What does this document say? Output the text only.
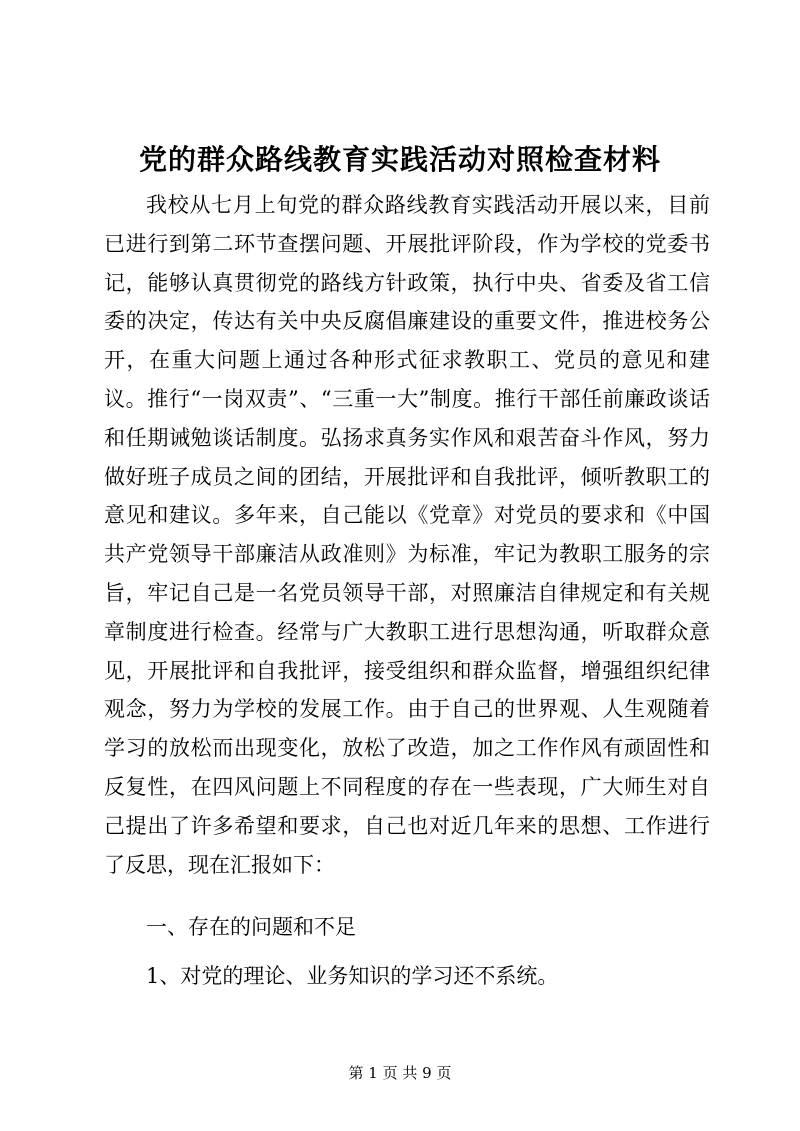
党的群众路线教育实践活动对照检查材料

我校从七月上旬党的群众路线教育实践活动开展以来，目前已进行到第二环节查摆问题、开展批评阶段，作为学校的党委书记，能够认真贯彻党的路线方针政策，执行中央、省委及省工信委的决定，传达有关中央反腐倡廉建设的重要文件，推进校务公开，在重大问题上通过各种形式征求教职工、党员的意见和建议。推行“一岗双责”、“三重一大”制度。推行干部任前廉政谈话和任期诫勉谈话制度。弘扬求真务实作风和艰苦奋斗作风，努力做好班子成员之间的团结，开展批评和自我批评，倾听教职工的意见和建议。多年来，自己能以《党章》对党员的要求和《中国共产党领导干部廉洁从政准则》为标准，牢记为教职工服务的宗旨，牢记自己是一名党员领导干部，对照廉洁自律规定和有关规章制度进行检查。经常与广大教职工进行思想沟通，听取群众意见，开展批评和自我批评，接受组织和群众监督，增强组织纪律观念，努力为学校的发展工作。由于自己的世界观、人生观随着学习的放松而出现变化，放松了改造，加之工作作风有顽固性和反复性，在四风问题上不同程度的存在一些表现，广大师生对自己提出了许多希望和要求，自己也对近几年来的思想、工作进行了反思，现在汇报如下：

一、存在的问题和不足
1、对党的理论、业务知识的学习还不系统。
第 1 页 共 9 页
